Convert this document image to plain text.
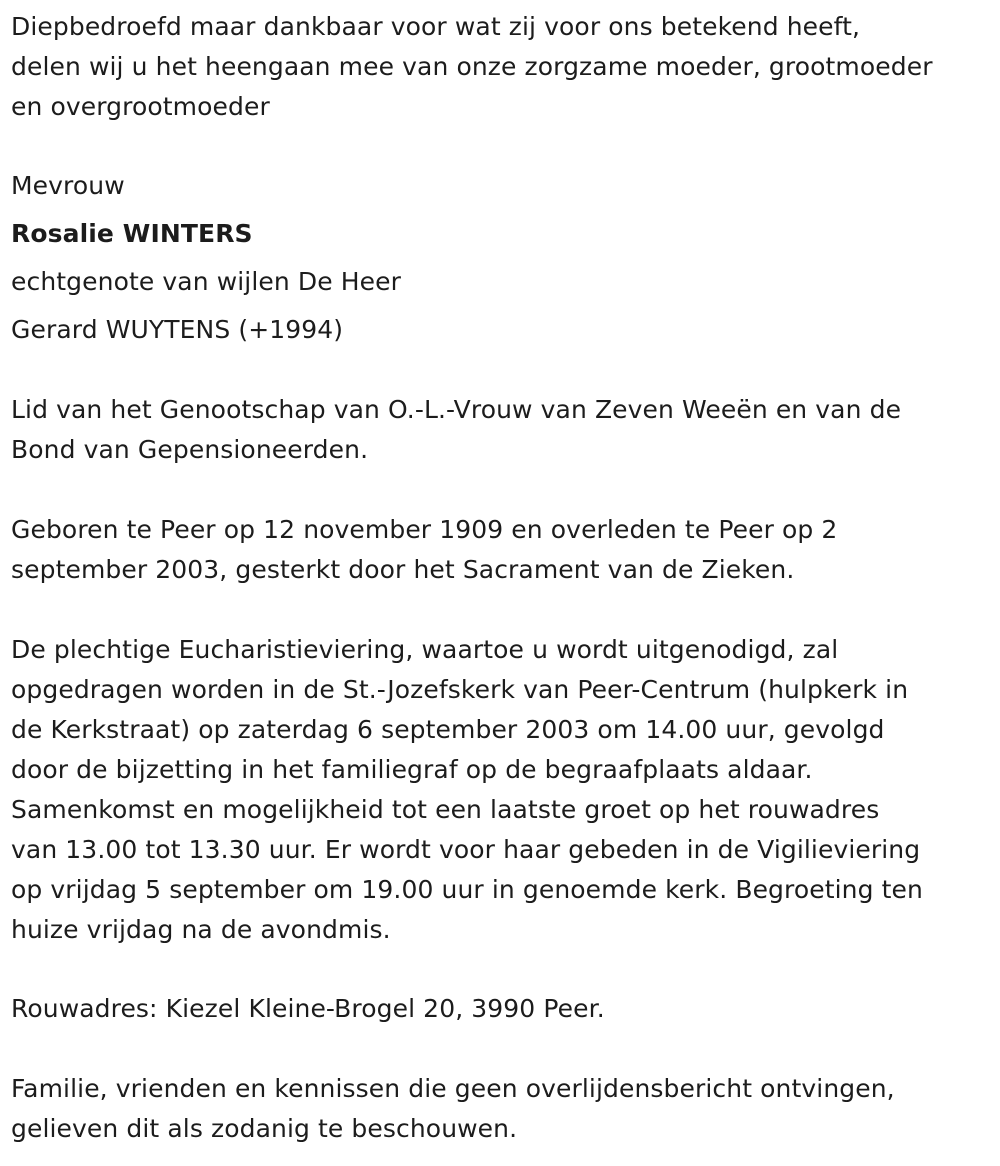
Diepbedroefd maar dankbaar voor wat zij voor ons betekend heeft,
delen wij u het heengaan mee van onze zorgzame moeder, grootmoeder
en overgrootmoeder

Mevrouw

Rosalie WINTERS

echtgenote van wijlen De Heer

Gerard WUYTENS (+1994)

Lid van het Genootschap van O.-L.-Vrouw van Zeven Weeën en van de
Bond van Gepensioneerden.

Geboren te Peer op 12 november 1909 en overleden te Peer op 2
september 2003, gesterkt door het Sacrament van de Zieken.

De plechtige Eucharistieviering, waartoe u wordt uitgenodigd, zal
opgedragen worden in de St.-Jozefskerk van Peer-Centrum (hulpkerk in
de Kerkstraat) op zaterdag 6 september 2003 om 14.00 uur, gevolgd
door de bijzetting in het familiegraf op de begraafplaats aldaar.
Samenkomst en mogelijkheid tot een laatste groet op het rouwadres
van 13.00 tot 13.30 uur. Er wordt voor haar gebeden in de Vigilieviering
op vrijdag 5 september om 19.00 uur in genoemde kerk. Begroeting ten
huize vrijdag na de avondmis.

Rouwadres: Kiezel Kleine-Brogel 20, 3990 Peer.

Familie, vrienden en kennissen die geen overlijdensbericht ontvingen,
gelieven dit als zodanig te beschouwen.
